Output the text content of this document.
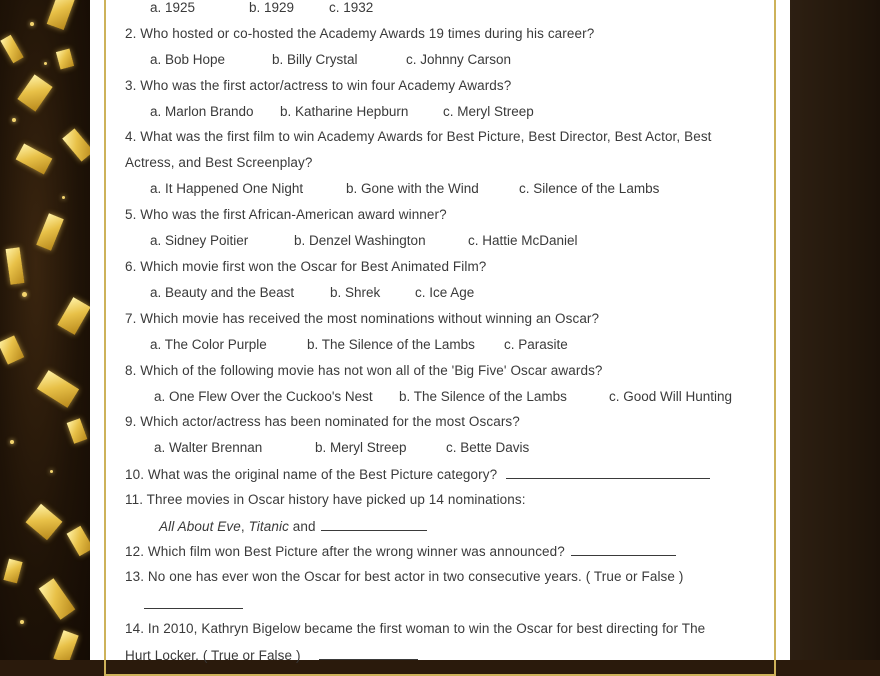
a. 1925	b. 1929	c. 1932
2. Who hosted or co-hosted the Academy Awards 19 times during his career?
a. Bob Hope	b. Billy Crystal	c. Johnny Carson
3. Who was the first actor/actress to win four Academy Awards?
a. Marlon Brando b. Katharine Hepburn	c. Meryl Streep
4. What was the first film to win Academy Awards for Best Picture, Best Director, Best Actor, Best
Actress, and Best Screenplay?
a. It Happened One Night	b. Gone with the Wind	c. Silence of the Lambs
5. Who was the first African-American award winner?
a. Sidney Poitier	b. Denzel Washington	c. Hattie McDaniel
6. Which movie first won the Oscar for Best Animated Film?
a. Beauty and the Beast	b. Shrek	c. Ice Age
7. Which movie has received the most nominations without winning an Oscar?
a. The Color Purple	b. The Silence of the Lambs c. Parasite
8. Which of the following movie has not won all of the 'Big Five' Oscar awards?
a. One Flew Over the Cuckoo's Nest b. The Silence of the Lambs	c. Good Will Hunting
9. Which actor/actress has been nominated for the most Oscars?
a. Walter Brennan	b. Meryl Streep	c. Bette Davis
10. What was the original name of the Best Picture category?
11. Three movies in Oscar history have picked up 14 nominations:
All About Eve, Titanic and
12. Which film won Best Picture after the wrong winner was announced?
13. No one has ever won the Oscar for best actor in two consecutive years. ( True or False )
14. In 2010, Kathryn Bigelow became the first woman to win the Oscar for best directing for The
Hurt Locker. ( True or False )
